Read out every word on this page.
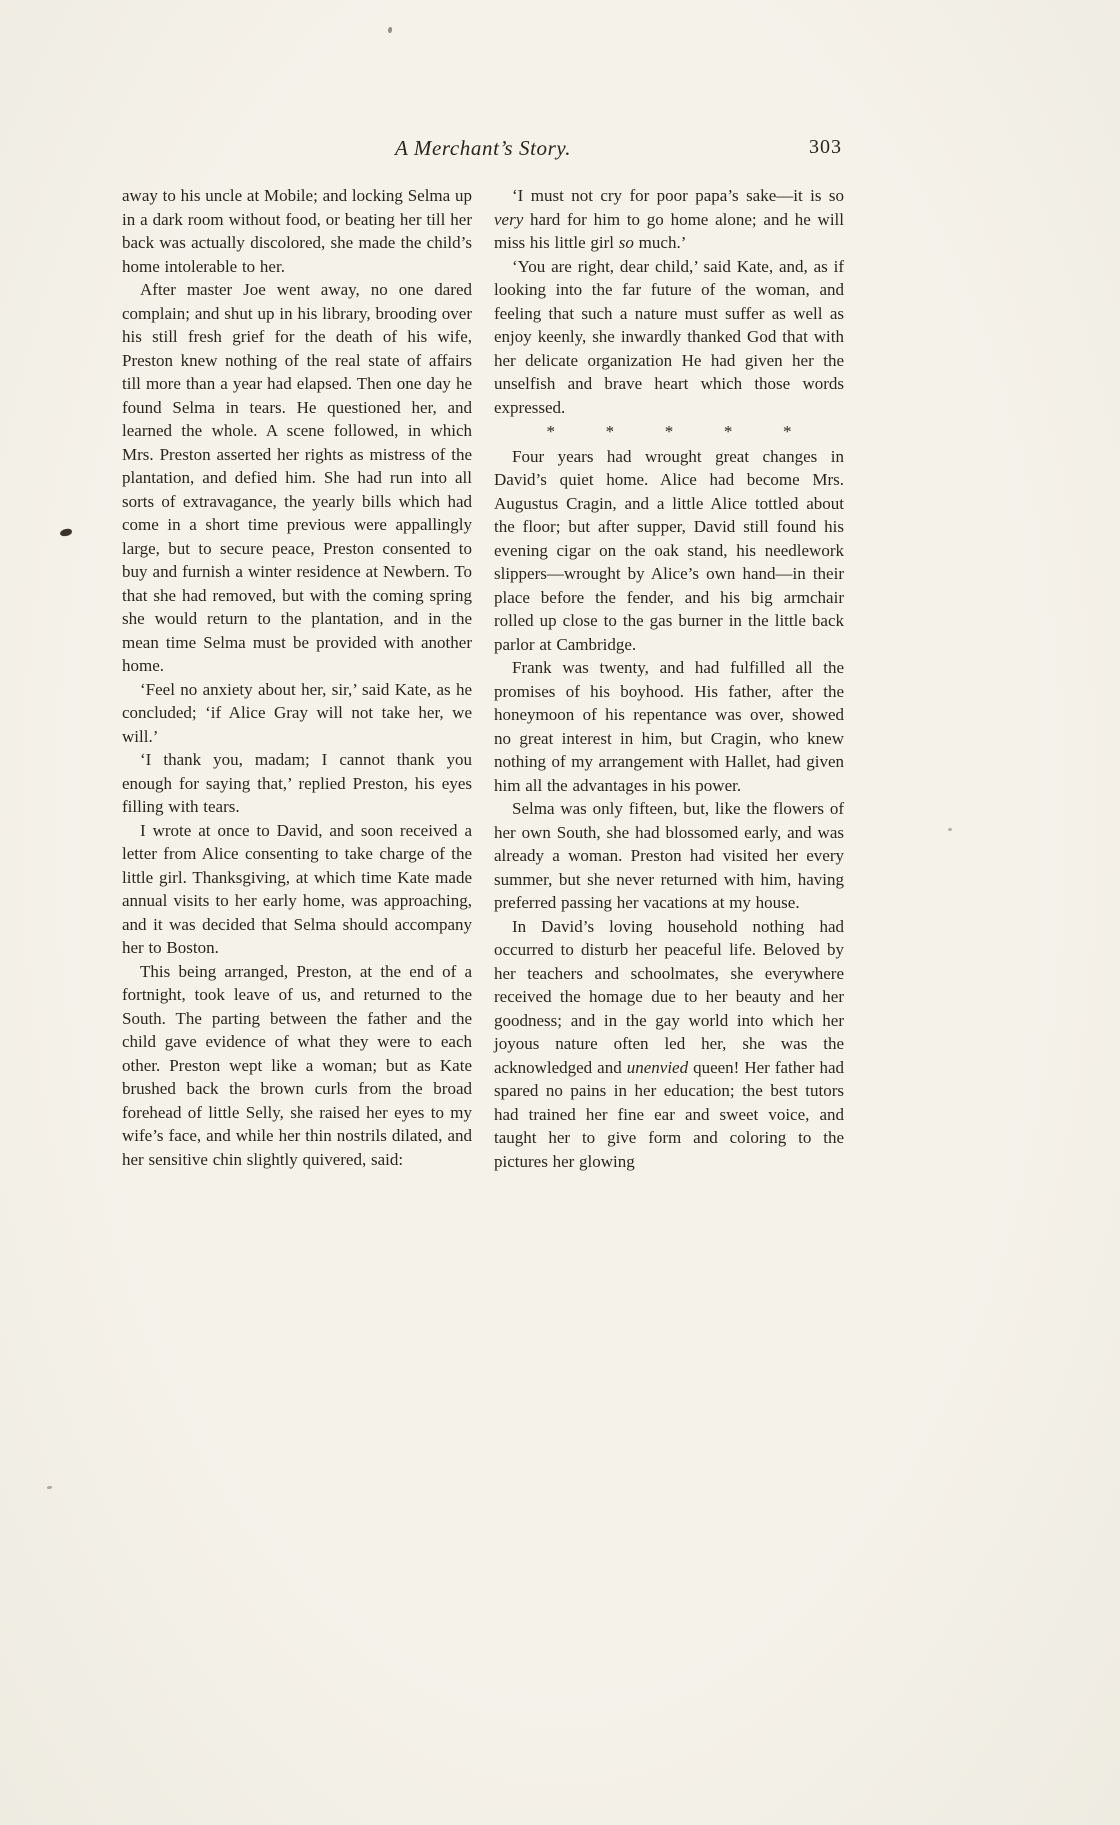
A Merchant’s Story.	303

away to his uncle at Mobile; and locking Selma up in a dark room without food, or beating her till her back was actually discolored, she made the child’s home intolerable to her.

After master Joe went away, no one dared complain; and shut up in his library, brooding over his still fresh grief for the death of his wife, Preston knew nothing of the real state of affairs till more than a year had elapsed. Then one day he found Selma in tears. He questioned her, and learned the whole. A scene followed, in which Mrs. Preston asserted her rights as mistress of the plantation, and defied him. She had run into all sorts of extravagance, the yearly bills which had come in a short time previous were appallingly large, but to secure peace, Preston consented to buy and furnish a winter residence at Newbern. To that she had removed, but with the coming spring she would return to the plantation, and in the mean time Selma must be provided with another home.

‘Feel no anxiety about her, sir,’ said Kate, as he concluded; ‘if Alice Gray will not take her, we will.’

‘I thank you, madam; I cannot thank you enough for saying that,’ replied Preston, his eyes filling with tears.

I wrote at once to David, and soon received a letter from Alice consenting to take charge of the little girl. Thanksgiving, at which time Kate made annual visits to her early home, was approaching, and it was decided that Selma should accompany her to Boston.

This being arranged, Preston, at the end of a fortnight, took leave of us, and returned to the South. The parting between the father and the child gave evidence of what they were to each other. Preston wept like a woman; but as Kate brushed back the brown curls from the broad forehead of little Selly, she raised her eyes to my wife’s face, and while her thin nostrils dilated, and her sensitive chin slightly quivered, said:

‘I must not cry for poor papa’s sake—it is so very hard for him to go home alone; and he will miss his little girl so much.’

‘You are right, dear child,’ said Kate, and, as if looking into the far future of the woman, and feeling that such a nature must suffer as well as enjoy keenly, she inwardly thanked God that with her delicate organization He had given her the unselfish and brave heart which those words expressed.

*	*	*	*	*

Four years had wrought great changes in David’s quiet home. Alice had become Mrs. Augustus Cragin, and a little Alice tottled about the floor; but after supper, David still found his evening cigar on the oak stand, his needlework slippers—wrought by Alice’s own hand—in their place before the fender, and his big armchair rolled up close to the gas burner in the little back parlor at Cambridge.

Frank was twenty, and had fulfilled all the promises of his boyhood. His father, after the honeymoon of his repentance was over, showed no great interest in him, but Cragin, who knew nothing of my arrangement with Hallet, had given him all the advantages in his power.

Selma was only fifteen, but, like the flowers of her own South, she had blossomed early, and was already a woman. Preston had visited her every summer, but she never returned with him, having preferred passing her vacations at my house.

In David’s loving household nothing had occurred to disturb her peaceful life. Beloved by her teachers and schoolmates, she everywhere received the homage due to her beauty and her goodness; and in the gay world into which her joyous nature often led her, she was the acknowledged and unenvied queen! Her father had spared no pains in her education; the best tutors had trained her fine ear and sweet voice, and taught her to give form and coloring to the pictures her glowing
